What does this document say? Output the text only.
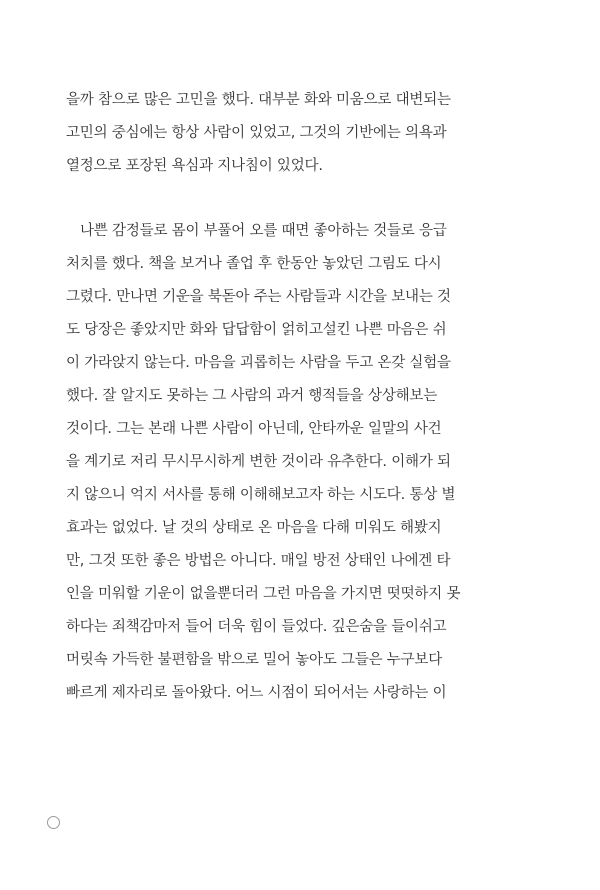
을까 참으로 많은 고민을 했다. 대부분 화와 미움으로 대변되는
고민의 중심에는 항상 사람이 있었고, 그것의 기반에는 의욕과
열정으로 포장된 욕심과 지나침이 있었다.
나쁜 감정들로 몸이 부풀어 오를 때면 좋아하는 것들로 응급
처치를 했다. 책을 보거나 졸업 후 한동안 놓았던 그림도 다시
그렸다. 만나면 기운을 북돋아 주는 사람들과 시간을 보내는 것
도 당장은 좋았지만 화와 답답함이 얽히고설킨 나쁜 마음은 쉬
이 가라앉지 않는다. 마음을 괴롭히는 사람을 두고 온갖 실험을
했다. 잘 알지도 못하는 그 사람의 과거 행적들을 상상해보는
것이다. 그는 본래 나쁜 사람이 아닌데, 안타까운 일말의 사건
을 계기로 저리 무시무시하게 변한 것이라 유추한다. 이해가 되
지 않으니 억지 서사를 통해 이해해보고자 하는 시도다. 통상 별
효과는 없었다. 날 것의 상태로 온 마음을 다해 미워도 해봤지
만, 그것 또한 좋은 방법은 아니다. 매일 방전 상태인 나에겐 타
인을 미워할 기운이 없을뿐더러 그런 마음을 가지면 떳떳하지 못
하다는 죄책감마저 들어 더욱 힘이 들었다. 깊은숨을 들이쉬고
머릿속 가득한 불편함을 밖으로 밀어 놓아도 그들은 누구보다
빠르게 제자리로 돌아왔다. 어느 시점이 되어서는 사랑하는 이
